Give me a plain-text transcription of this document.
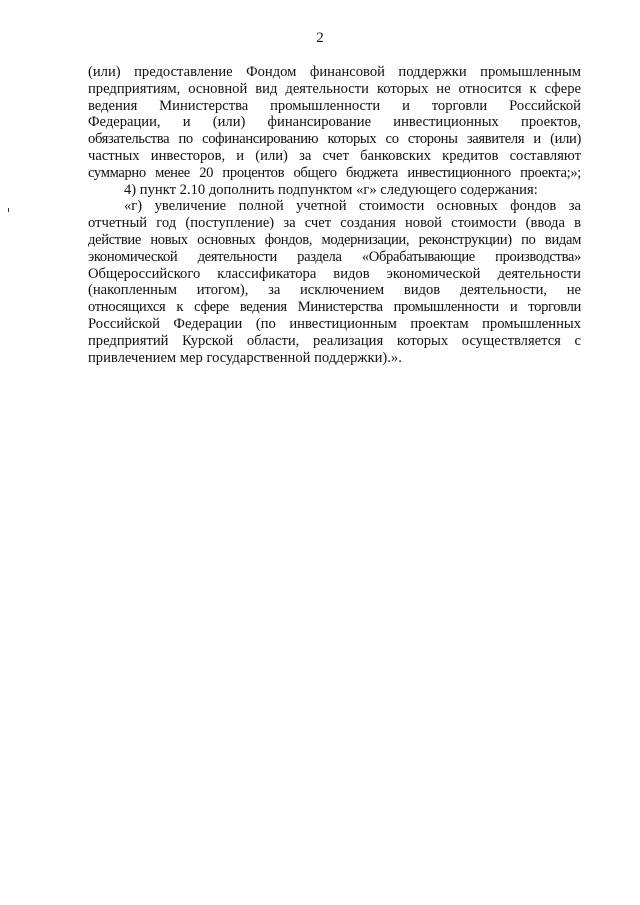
2
(или) предоставление Фондом финансовой поддержки промышленным
предприятиям, основной вид деятельности которых не относится к сфере
ведения Министерства промышленности и торговли Российской
Федерации, и (или) финансирование инвестиционных проектов,
обязательства по софинансированию которых со стороны заявителя и (или)
частных инвесторов, и (или) за счет банковских кредитов составляют
суммарно менее 20 процентов общего бюджета инвестиционного проекта;»;
4) пункт 2.10 дополнить подпунктом «г» следующего содержания:
«г) увеличение полной учетной стоимости основных фондов за
отчетный год (поступление) за счет создания новой стоимости (ввода в
действие новых основных фондов, модернизации, реконструкции) по видам
экономической деятельности раздела «Обрабатывающие производства»
Общероссийского классификатора видов экономической деятельности
(накопленным итогом), за исключением видов деятельности, не
относящихся к сфере ведения Министерства промышленности и торговли
Российской Федерации (по инвестиционным проектам промышленных
предприятий Курской области, реализация которых осуществляется с
привлечением мер государственной поддержки).».
